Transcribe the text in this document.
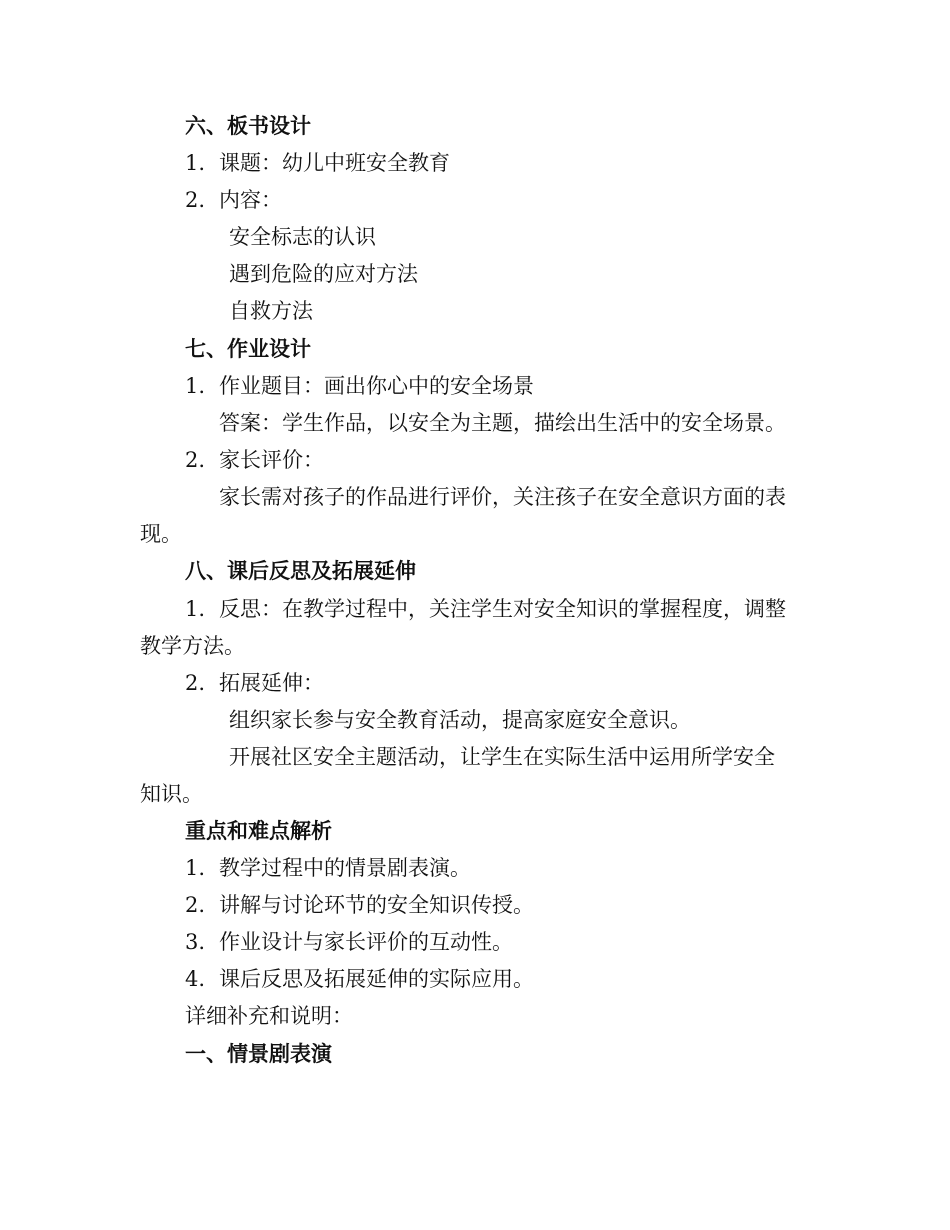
六、板书设计
1. 课题：幼儿中班安全教育
2. 内容：
安全标志的认识
遇到危险的应对方法
自救方法
七、作业设计
1. 作业题目：画出你心中的安全场景
答案：学生作品，以安全为主题，描绘出生活中的安全场景。
2. 家长评价：
家长需对孩子的作品进行评价，关注孩子在安全意识方面的表
现。
八、课后反思及拓展延伸
1. 反思：在教学过程中，关注学生对安全知识的掌握程度，调整
教学方法。
2. 拓展延伸：
组织家长参与安全教育活动，提高家庭安全意识。
开展社区安全主题活动，让学生在实际生活中运用所学安全
知识。
重点和难点解析
1. 教学过程中的情景剧表演。
2. 讲解与讨论环节的安全知识传授。
3. 作业设计与家长评价的互动性。
4. 课后反思及拓展延伸的实际应用。
详细补充和说明：
一、情景剧表演
